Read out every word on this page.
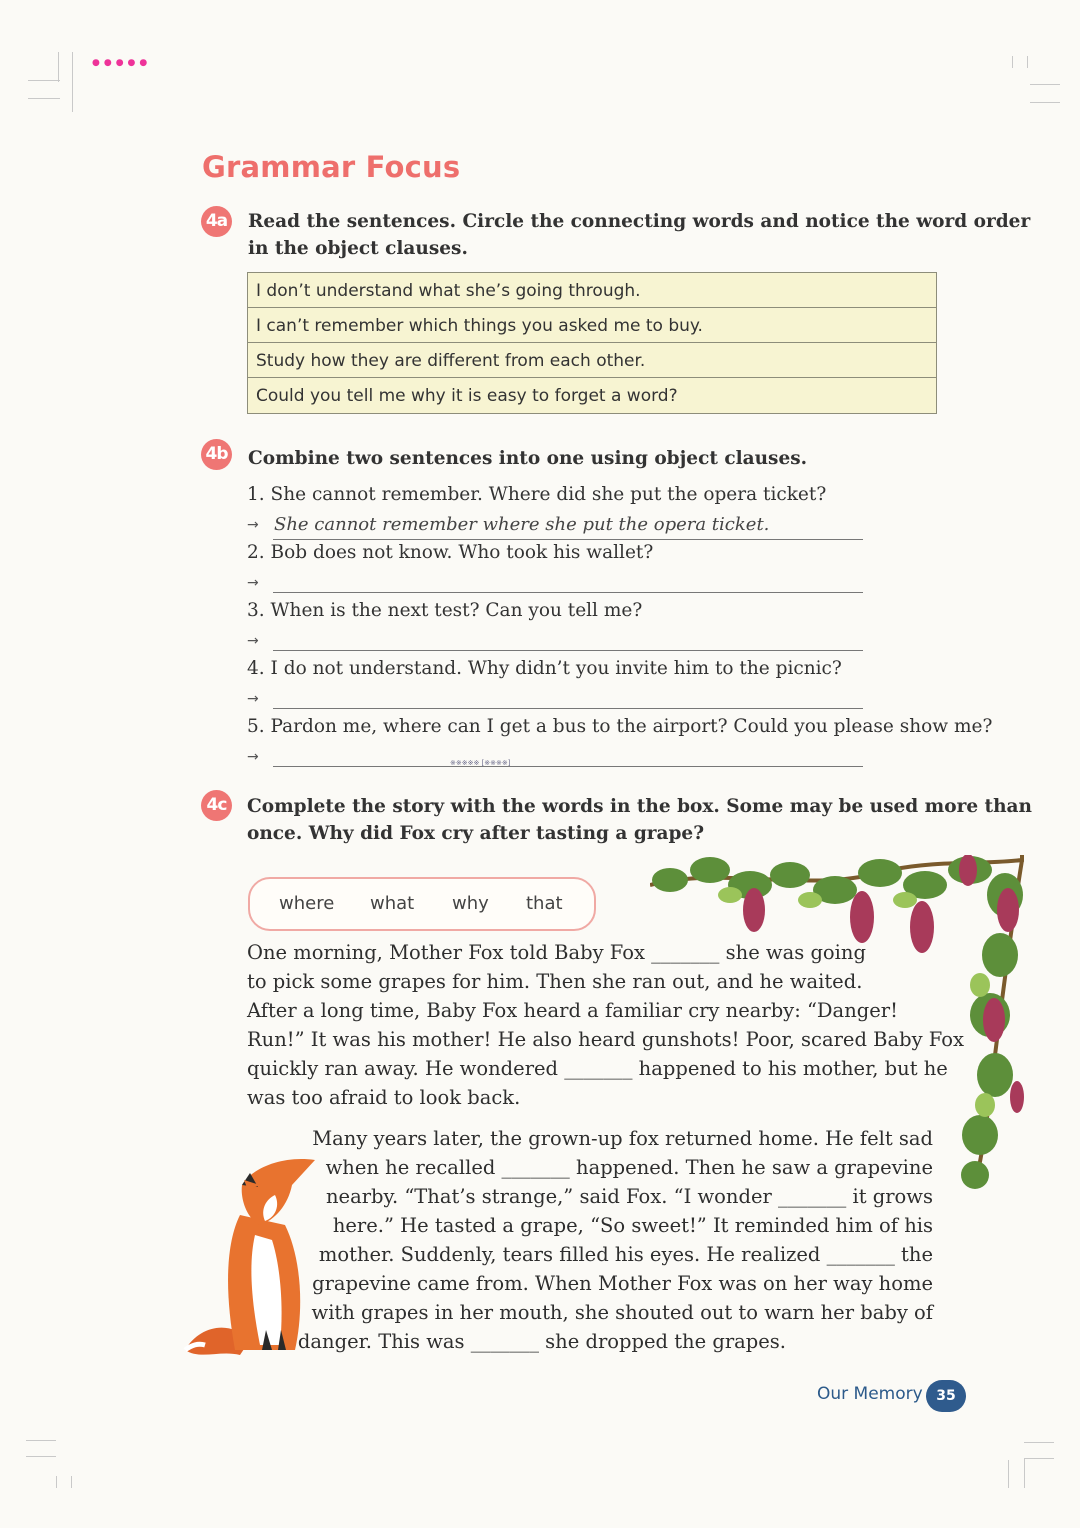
●●●●●
Grammar Focus
4a Read the sentences. Circle the connecting words and notice the word order
in the object clauses.
I don’t understand what she’s going through.
I can’t remember which things you asked me to buy.
Study how they are different from each other.
Could you tell me why it is easy to forget a word?
4b Combine two sentences into one using object clauses.
1. She cannot remember. Where did she put the opera ticket?
→ She cannot remember where she put the opera ticket.
2. Bob does not know. Who took his wallet?
→
3. When is the next test? Can you tell me?
→
4. I do not understand. Why didn’t you invite him to the picnic?
→
5. Pardon me, where can I get a bus to the airport? Could you please show me?
→	※※※※※ [※※※※]
4c Complete the story with the words in the box. Some may be used more than
once. Why did Fox cry after tasting a grape?
where what why that
One morning, Mother Fox told Baby Fox _______ she was going
to pick some grapes for him. Then she ran out, and he waited.
After a long time, Baby Fox heard a familiar cry nearby: “Danger!
Run!” It was his mother! He also heard gunshots! Poor, scared Baby Fox
quickly ran away. He wondered _______ happened to his mother, but he
was too afraid to look back.
Many years later, the grown-up fox returned home. He felt sad
when he recalled _______ happened. Then he saw a grapevine
nearby. “That’s strange,” said Fox. “I wonder _______ it grows
here.” He tasted a grape, “So sweet!” It reminded him of his
mother. Suddenly, tears filled his eyes. He realized _______ the
grapevine came from. When Mother Fox was on her way home
with grapes in her mouth, she shouted out to warn her baby of
danger. This was _______ she dropped the grapes.
Our Memory 35
